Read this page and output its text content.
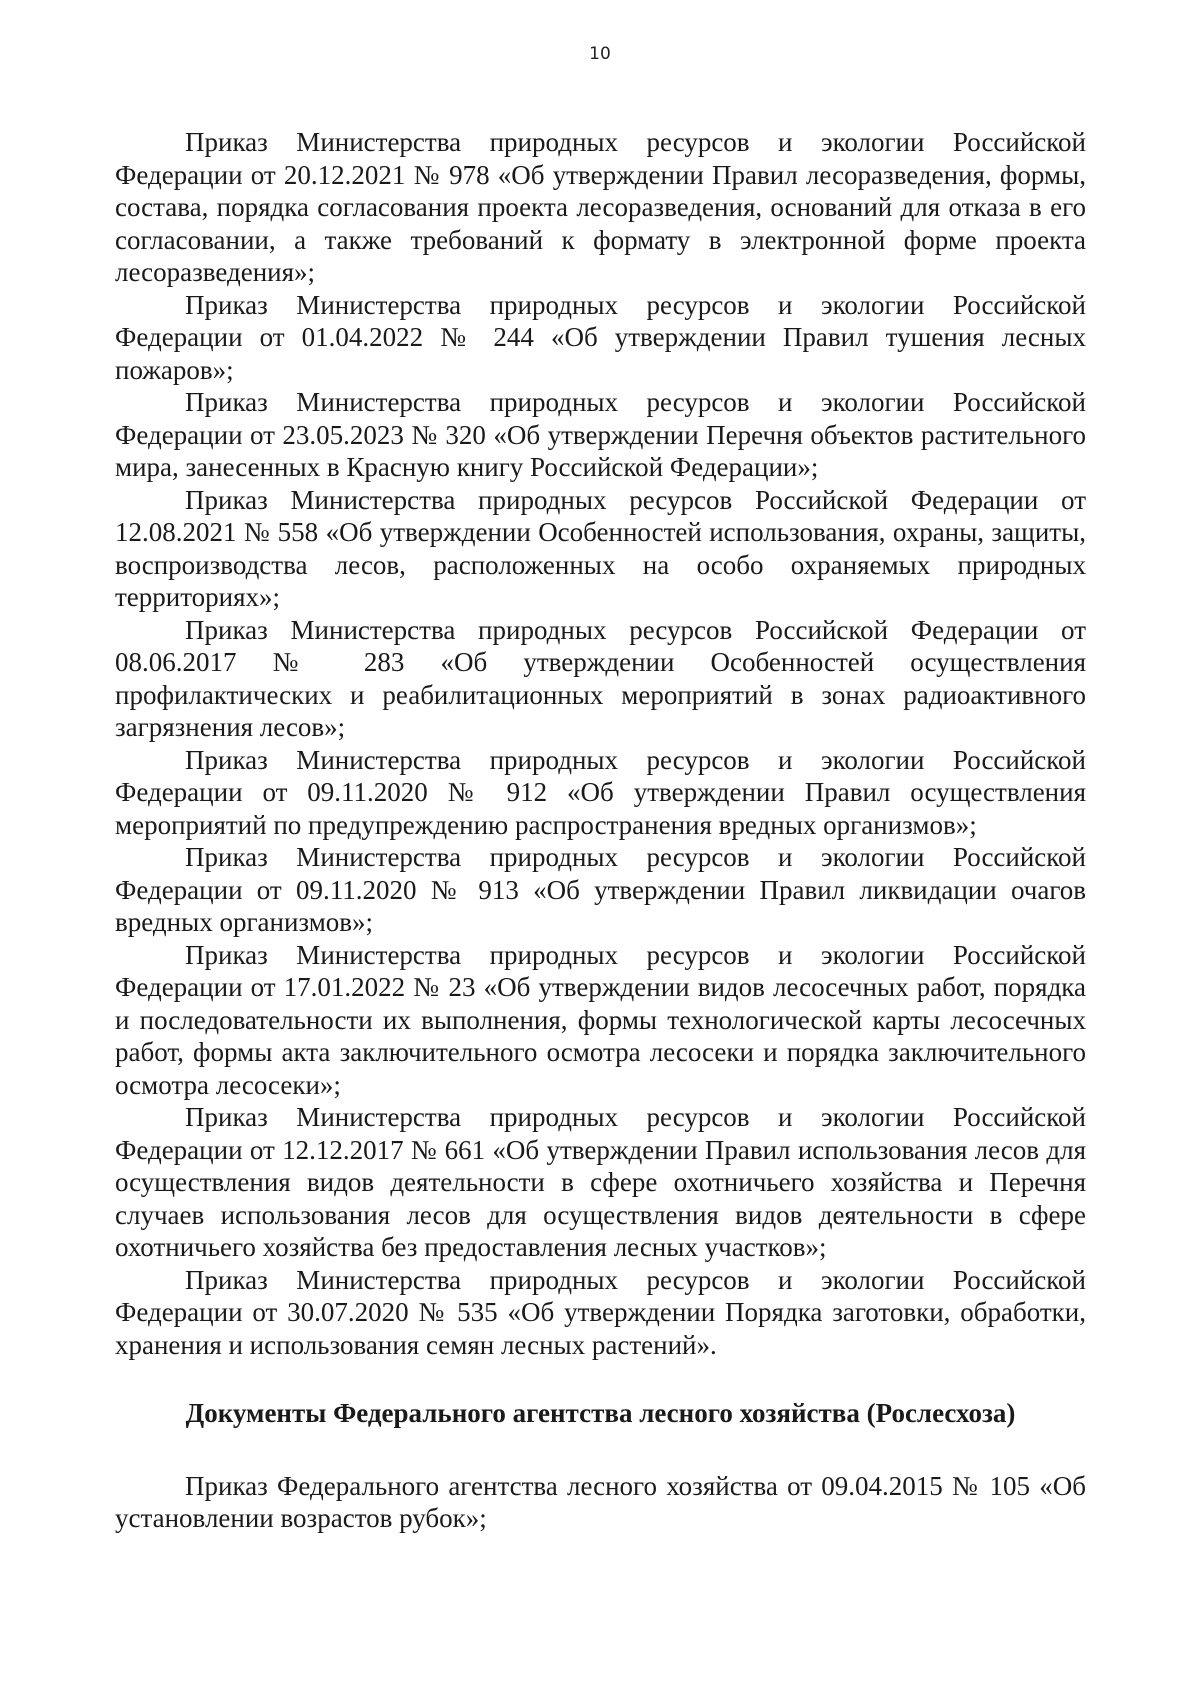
10

Приказ Министерства природных ресурсов и экологии Российской Федерации от 20.12.2021 № 978 «Об утверждении Правил лесоразведения, формы, состава, порядка согласования проекта лесоразведения, оснований для отказа в его согласовании, а также требований к формату в электронной форме проекта лесоразведения»;

Приказ Министерства природных ресурсов и экологии Российской Федерации от 01.04.2022 № 244 «Об утверждении Правил тушения лесных пожаров»;

Приказ Министерства природных ресурсов и экологии Российской Федерации от 23.05.2023 № 320 «Об утверждении Перечня объектов растительного мира, занесенных в Красную книгу Российской Федерации»;

Приказ Министерства природных ресурсов Российской Федерации от 12.08.2021 № 558 «Об утверждении Особенностей использования, охраны, защиты, воспроизводства лесов, расположенных на особо охраняемых природных территориях»;

Приказ Министерства природных ресурсов Российской Федерации от 08.06.2017 № 283 «Об утверждении Особенностей осуществления профилактических и реабилитационных мероприятий в зонах радиоактивного загрязнения лесов»;

Приказ Министерства природных ресурсов и экологии Российской Федерации от 09.11.2020 № 912 «Об утверждении Правил осуществления мероприятий по предупреждению распространения вредных организмов»;

Приказ Министерства природных ресурсов и экологии Российской Федерации от 09.11.2020 № 913 «Об утверждении Правил ликвидации очагов вредных организмов»;

Приказ Министерства природных ресурсов и экологии Российской Федерации от 17.01.2022 № 23 «Об утверждении видов лесосечных работ, порядка и последовательности их выполнения, формы технологической карты лесосечных работ, формы акта заключительного осмотра лесосеки и порядка заключительного осмотра лесосеки»;

Приказ Министерства природных ресурсов и экологии Российской Федерации от 12.12.2017 № 661 «Об утверждении Правил использования лесов для осуществления видов деятельности в сфере охотничьего хозяйства и Перечня случаев использования лесов для осуществления видов деятельности в сфере охотничьего хозяйства без предоставления лесных участков»;

Приказ Министерства природных ресурсов и экологии Российской Федерации от 30.07.2020 № 535 «Об утверждении Порядка заготовки, обработки, хранения и использования семян лесных растений».

Документы Федерального агентства лесного хозяйства (Рослесхоза)

Приказ Федерального агентства лесного хозяйства от 09.04.2015 № 105 «Об установлении возрастов рубок»;
